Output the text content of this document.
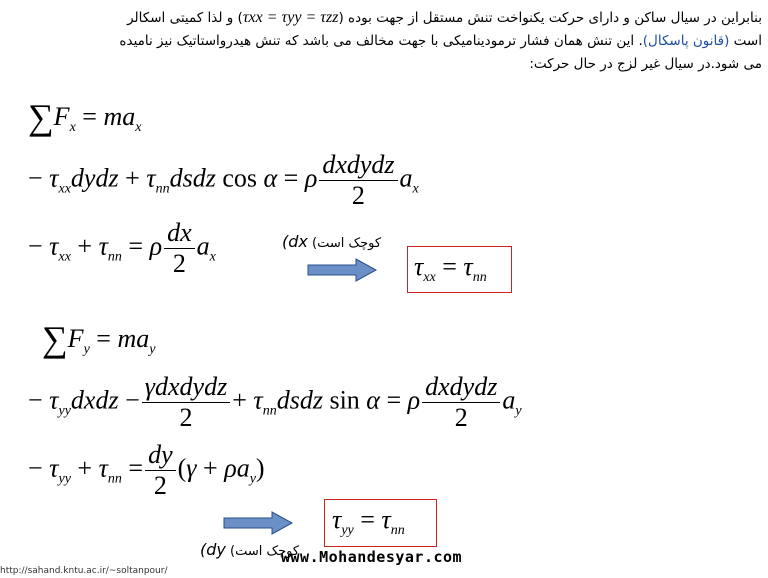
بنابراین در سیال ساکن و دارای حرکت یکنواخت تنش مستقل از جهت بوده (τxx = τyy = τzz) و لذا کمیتی اسکالر
است (قانون پاسکال). این تنش همان فشار ترمودینامیکی با جهت مخالف می باشد که تنش هیدرواستاتیک نیز نامیده
می شود.در سیال غیر لزج در حال حرکت:
$\sum F_x = ma_x$
− $\tau_{xx}dydz$ + $\tau_{nn}dsdz$ cos α = ρ $\frac{\text{dxdydz}}{2} a_x$
− $\tau_{xx} + \tau_{nn} = \rho \frac{dx}{2} a_x$
کوچک است) dx)
$\tau_{xx} = \tau_{nn}$
$\sum F_y = ma_y$
− $\tau_{yy}dxdz - \frac{\text{γdxdydz}}{2}$ + $\tau_{nn}dsdz$ sin α = ρ $\frac{\text{dxdydz}}{2} a_y$
− $\tau_{yy} + \tau_{nn} = \frac{dy}{2} (\gamma + \rho a_y)$
$\tau_{yy} = \tau_{nn}$
کوچک است) dy)	www.Mohandesyar.com
http://sahand.kntu.ac.ir/~soltanpour/
